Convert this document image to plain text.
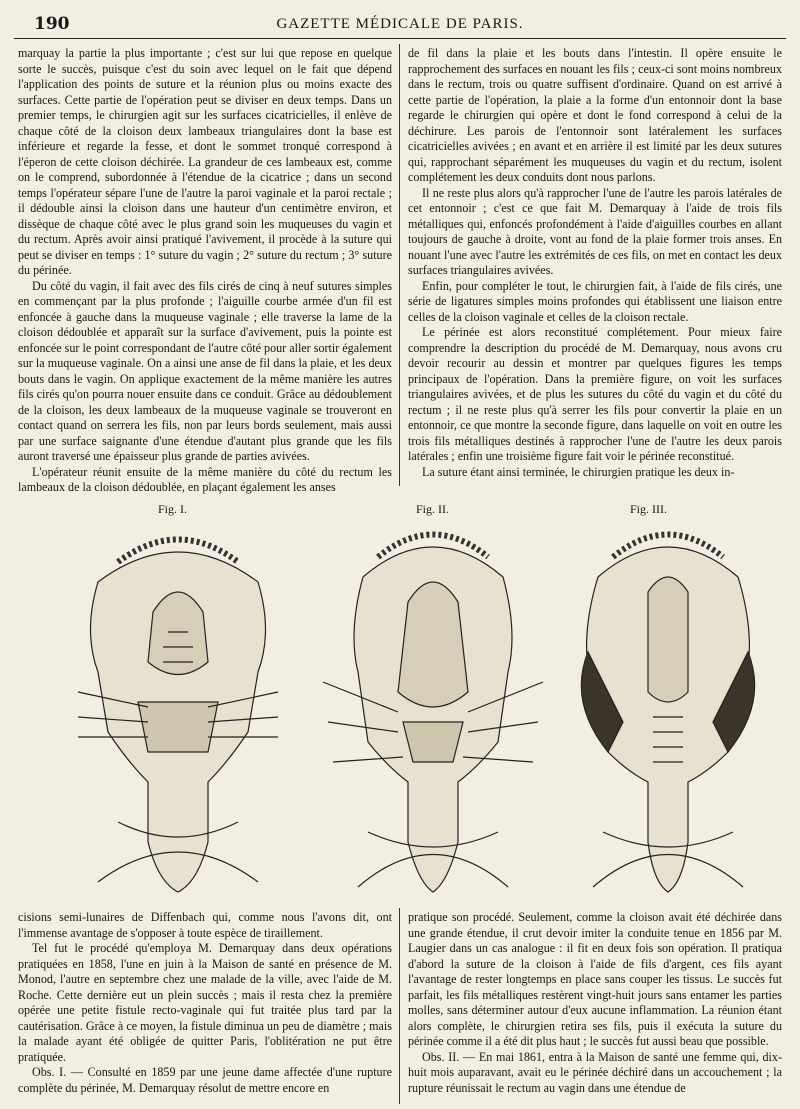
190	GAZETTE MÉDICALE DE PARIS.

marquay la partie la plus importante ; c'est sur lui que repose en quelque sorte le succès, puisque c'est du soin avec lequel on le fait que dépend l'application des points de suture et la réunion plus ou moins exacte des surfaces. Cette partie de l'opération peut se diviser en deux temps. Dans un premier temps, le chirurgien agit sur les surfaces cicatricielles, il enlève de chaque côté de la cloison deux lambeaux triangulaires dont la base est inférieure et regarde la fesse, et dont le sommet tronqué correspond à l'éperon de cette cloison déchirée. La grandeur de ces lambeaux est, comme on le comprend, subordonnée à l'étendue de la cicatrice ; dans un second temps l'opérateur sépare l'une de l'autre la paroi vaginale et la paroi rectale ; il dédouble ainsi la cloison dans une hauteur d'un centimètre environ, et dissèque de chaque côté avec le plus grand soin les muqueuses du vagin et du rectum. Après avoir ainsi pratiqué l'avivement, il procède à la suture qui peut se diviser en temps : 1° suture du vagin ; 2° suture du rectum ; 3° suture du périnée.

Du côté du vagin, il fait avec des fils cirés de cinq à neuf sutures simples en commençant par la plus profonde ; l'aiguille courbe armée d'un fil est enfoncée à gauche dans la muqueuse vaginale ; elle traverse la lame de la cloison dédoublée et apparaît sur la surface d'avivement, puis la pointe est enfoncée sur le point correspondant de l'autre côté pour aller sortir également sur la muqueuse vaginale. On a ainsi une anse de fil dans la plaie, et les deux bouts dans le vagin. On applique exactement de la même manière les autres fils cirés qu'on pourra nouer ensuite dans ce conduit. Grâce au dédoublement de la cloison, les deux lambeaux de la muqueuse vaginale se trouveront en contact quand on serrera les fils, non par leurs bords seulement, mais aussi par une surface saignante d'une étendue d'autant plus grande que les fils auront traversé une épaisseur plus grande de parties avivées.

L'opérateur réunit ensuite de la même manière du côté du rectum les lambeaux de la cloison dédoublée, en plaçant également les anses

de fil dans la plaie et les bouts dans l'intestin. Il opère ensuite le rapprochement des surfaces en nouant les fils ; ceux-ci sont moins nombreux dans le rectum, trois ou quatre suffisent d'ordinaire. Quand on est arrivé à cette partie de l'opération, la plaie a la forme d'un entonnoir dont la base regarde le chirurgien qui opère et dont le fond correspond à celui de la déchirure. Les parois de l'entonnoir sont latéralement les surfaces cicatricielles avivées ; en avant et en arrière il est limité par les deux sutures qui, rapprochant séparément les muqueuses du vagin et du rectum, isolent complétement les deux conduits dont nous parlons.

Il ne reste plus alors qu'à rapprocher l'une de l'autre les parois latérales de cet entonnoir ; c'est ce que fait M. Demarquay à l'aide de trois fils métalliques qui, enfoncés profondément à l'aide d'aiguilles courbes en allant toujours de gauche à droite, vont au fond de la plaie former trois anses. En nouant l'une avec l'autre les extrémités de ces fils, on met en contact les deux surfaces triangulaires avivées.

Enfin, pour compléter le tout, le chirurgien fait, à l'aide de fils cirés, une série de ligatures simples moins profondes qui établissent une liaison entre celles de la cloison vaginale et celles de la cloison rectale.

Le périnée est alors reconstitué complétement. Pour mieux faire comprendre la description du procédé de M. Demarquay, nous avons cru devoir recourir au dessin et montrer par quelques figures les temps principaux de l'opération. Dans la première figure, on voit les surfaces triangulaires avivées, et de plus les sutures du côté du vagin et du côté du rectum ; il ne reste plus qu'à serrer les fils pour convertir la plaie en un entonnoir, ce que montre la seconde figure, dans laquelle on voit en outre les trois fils métalliques destinés à rapprocher l'une de l'autre les deux parois latérales ; enfin une troisième figure fait voir le périnée reconstitué.

La suture étant ainsi terminée, le chirurgien pratique les deux in-

Fig. I.	Fig. II.	Fig. III.

cisions semi-lunaires de Diffenbach qui, comme nous l'avons dit, ont l'immense avantage de s'opposer à toute espèce de tiraillement.

Tel fut le procédé qu'employa M. Demarquay dans deux opérations pratiquées en 1858, l'une en juin à la Maison de santé en présence de M. Monod, l'autre en septembre chez une malade de la ville, avec l'aide de M. Roche. Cette dernière eut un plein succès ; mais il resta chez la première opérée une petite fistule recto-vaginale qui fut traitée plus tard par la cautérisation. Grâce à ce moyen, la fistule diminua un peu de diamètre ; mais la malade ayant été obligée de quitter Paris, l'oblitération ne put être pratiquée.

Obs. I. — Consulté en 1859 par une jeune dame affectée d'une rupture complète du périnée, M. Demarquay résolut de mettre encore en

pratique son procédé. Seulement, comme la cloison avait été déchirée dans une grande étendue, il crut devoir imiter la conduite tenue en 1856 par M. Laugier dans un cas analogue : il fit en deux fois son opération. Il pratiqua d'abord la suture de la cloison à l'aide de fils d'argent, ces fils ayant l'avantage de rester longtemps en place sans couper les tissus. Le succès fut parfait, les fils métalliques restèrent vingt-huit jours sans entamer les parties molles, sans déterminer autour d'eux aucune inflammation. La réunion étant alors complète, le chirurgien retira ses fils, puis il exécuta la suture du périnée comme il a été dit plus haut ; le succès fut aussi beau que possible.

Obs. II. — En mai 1861, entra à la Maison de santé une femme qui, dix-huit mois auparavant, avait eu le périnée déchiré dans un accouchement ; la rupture réunissait le rectum au vagin dans une étendue de
